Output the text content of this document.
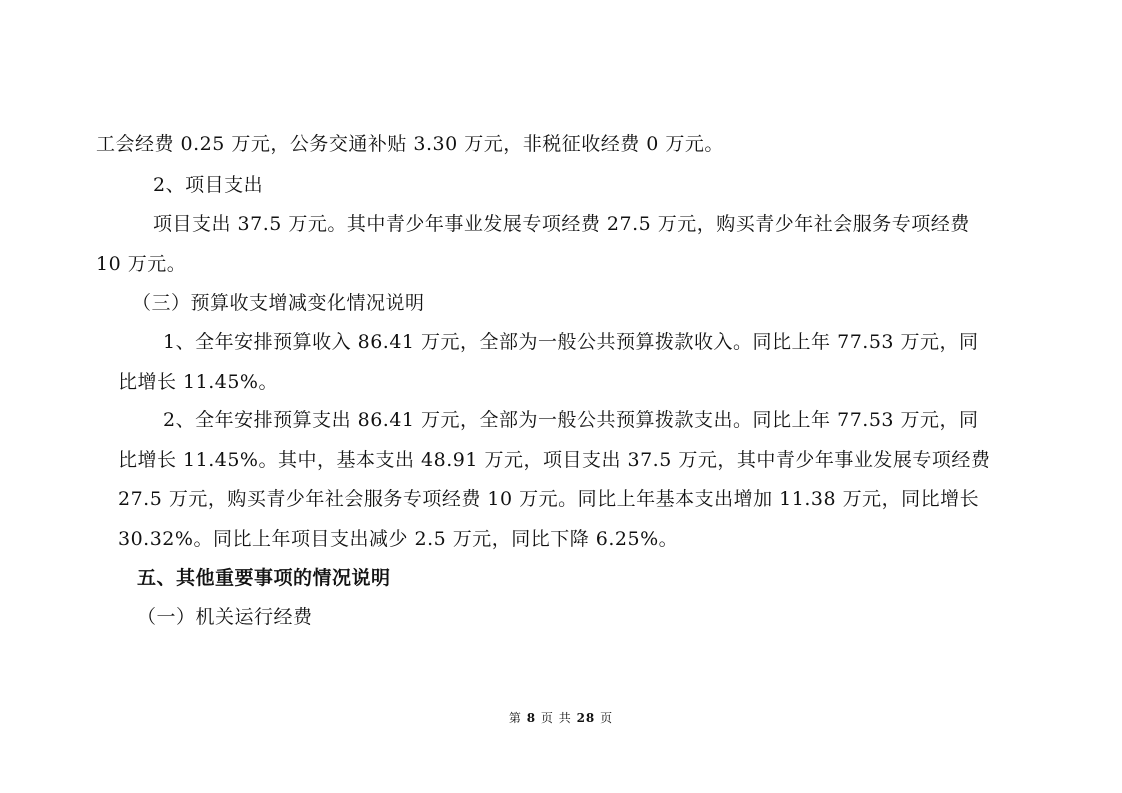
工会经费 0.25 万元，公务交通补贴 3.30 万元，非税征收经费 0 万元。
2、项目支出
项目支出 37.5 万元。其中青少年事业发展专项经费 27.5 万元，购买青少年社会服务专项经费
10 万元。
（三）预算收支增减变化情况说明
1、全年安排预算收入 86.41 万元，全部为一般公共预算拨款收入。同比上年 77.53 万元，同
比增长 11.45%。
2、全年安排预算支出 86.41 万元，全部为一般公共预算拨款支出。同比上年 77.53 万元，同
比增长 11.45%。其中，基本支出 48.91 万元，项目支出 37.5 万元，其中青少年事业发展专项经费
27.5 万元，购买青少年社会服务专项经费 10 万元。同比上年基本支出增加 11.38 万元，同比增长
30.32%。同比上年项目支出减少 2.5 万元，同比下降 6.25%。
五、其他重要事项的情况说明
（一）机关运行经费
第 8 页 共 28 页
